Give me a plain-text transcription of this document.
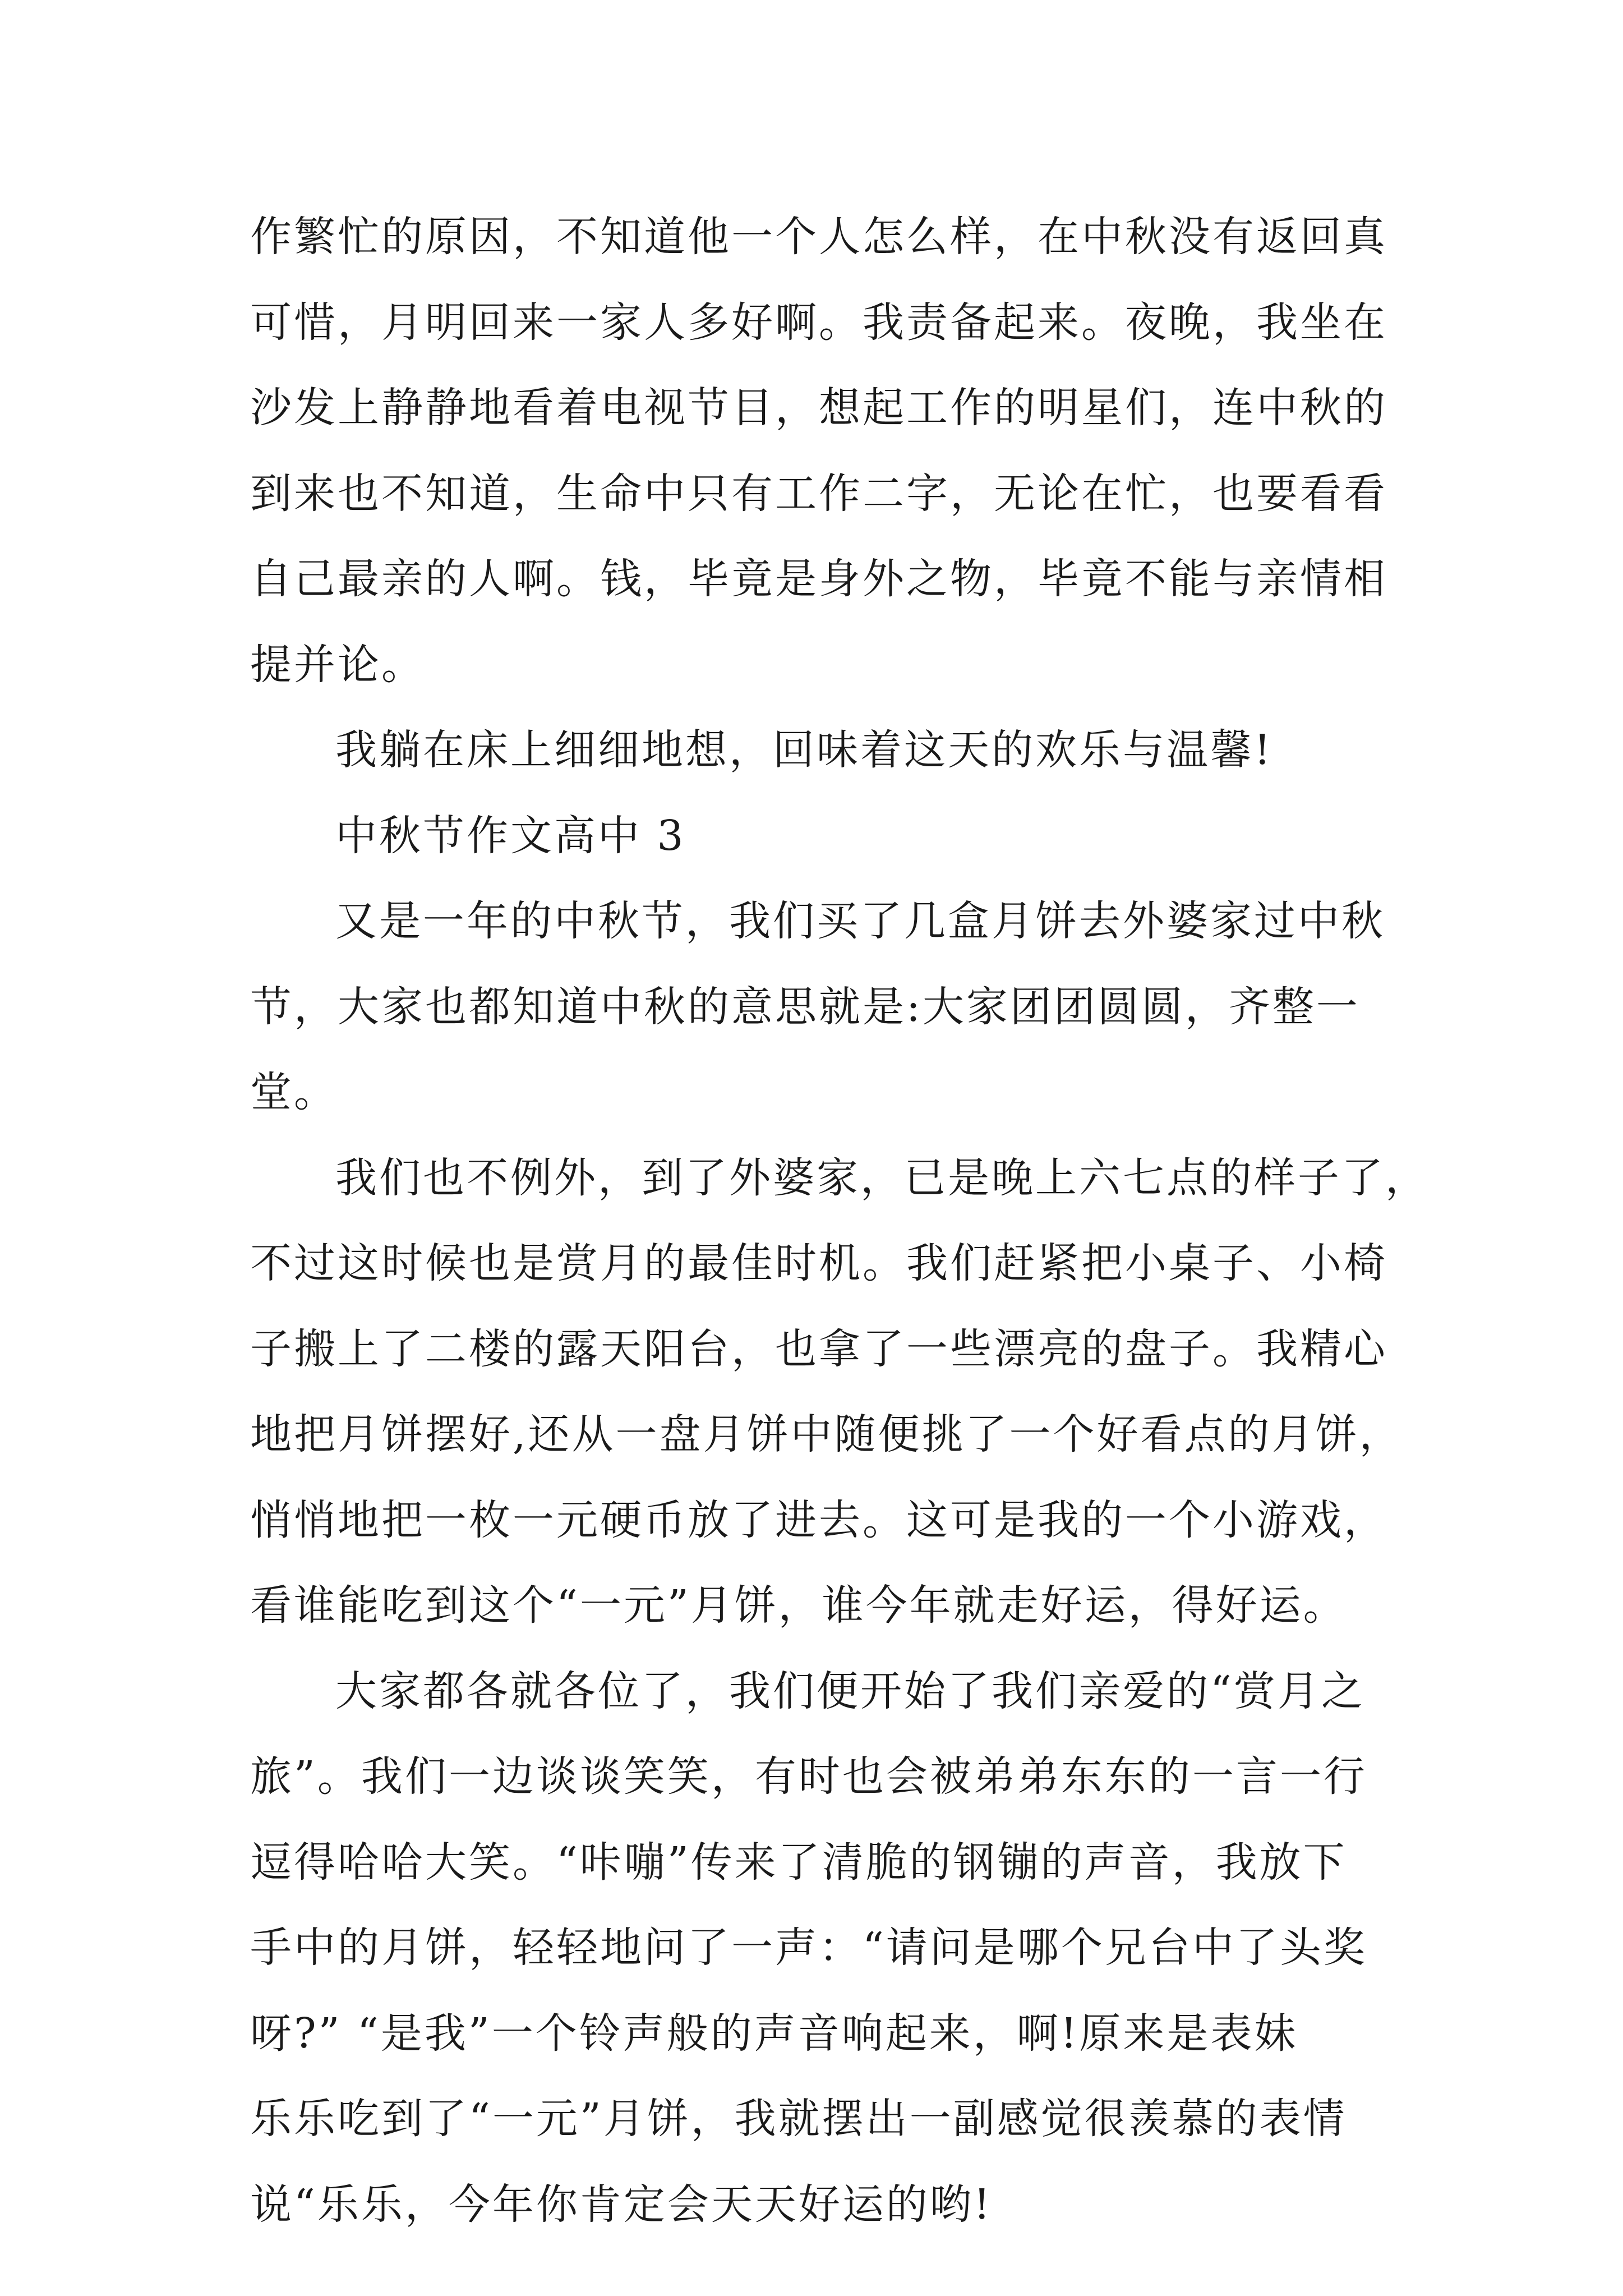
作繁忙的原因，不知道他一个人怎么样，在中秋没有返回真
可惜，月明回来一家人多好啊。我责备起来。夜晚，我坐在
沙发上静静地看着电视节目，想起工作的明星们，连中秋的
到来也不知道，生命中只有工作二字，无论在忙，也要看看
自己最亲的人啊。钱，毕竟是身外之物，毕竟不能与亲情相
提并论。
我躺在床上细细地想，回味着这天的欢乐与温馨!
中秋节作文高中 3
又是一年的中秋节，我们买了几盒月饼去外婆家过中秋
节，大家也都知道中秋的意思就是:大家团团圆圆，齐整一
堂。
我们也不例外，到了外婆家，已是晚上六七点的样子了，
不过这时候也是赏月的最佳时机。我们赶紧把小桌子、小椅
子搬上了二楼的露天阳台，也拿了一些漂亮的盘子。我精心
地把月饼摆好,还从一盘月饼中随便挑了一个好看点的月饼，
悄悄地把一枚一元硬币放了进去。这可是我的一个小游戏，
看谁能吃到这个“一元”月饼，谁今年就走好运，得好运。
大家都各就各位了，我们便开始了我们亲爱的“赏月之
旅”。我们一边谈谈笑笑，有时也会被弟弟东东的一言一行
逗得哈哈大笑。“咔嘣”传来了清脆的钢镚的声音，我放下
手中的月饼，轻轻地问了一声：“请问是哪个兄台中了头奖
呀?” “是我”一个铃声般的声音响起来，啊!原来是表妹
乐乐吃到了“一元”月饼，我就摆出一副感觉很羡慕的表情
说“乐乐，今年你肯定会天天好运的哟!
